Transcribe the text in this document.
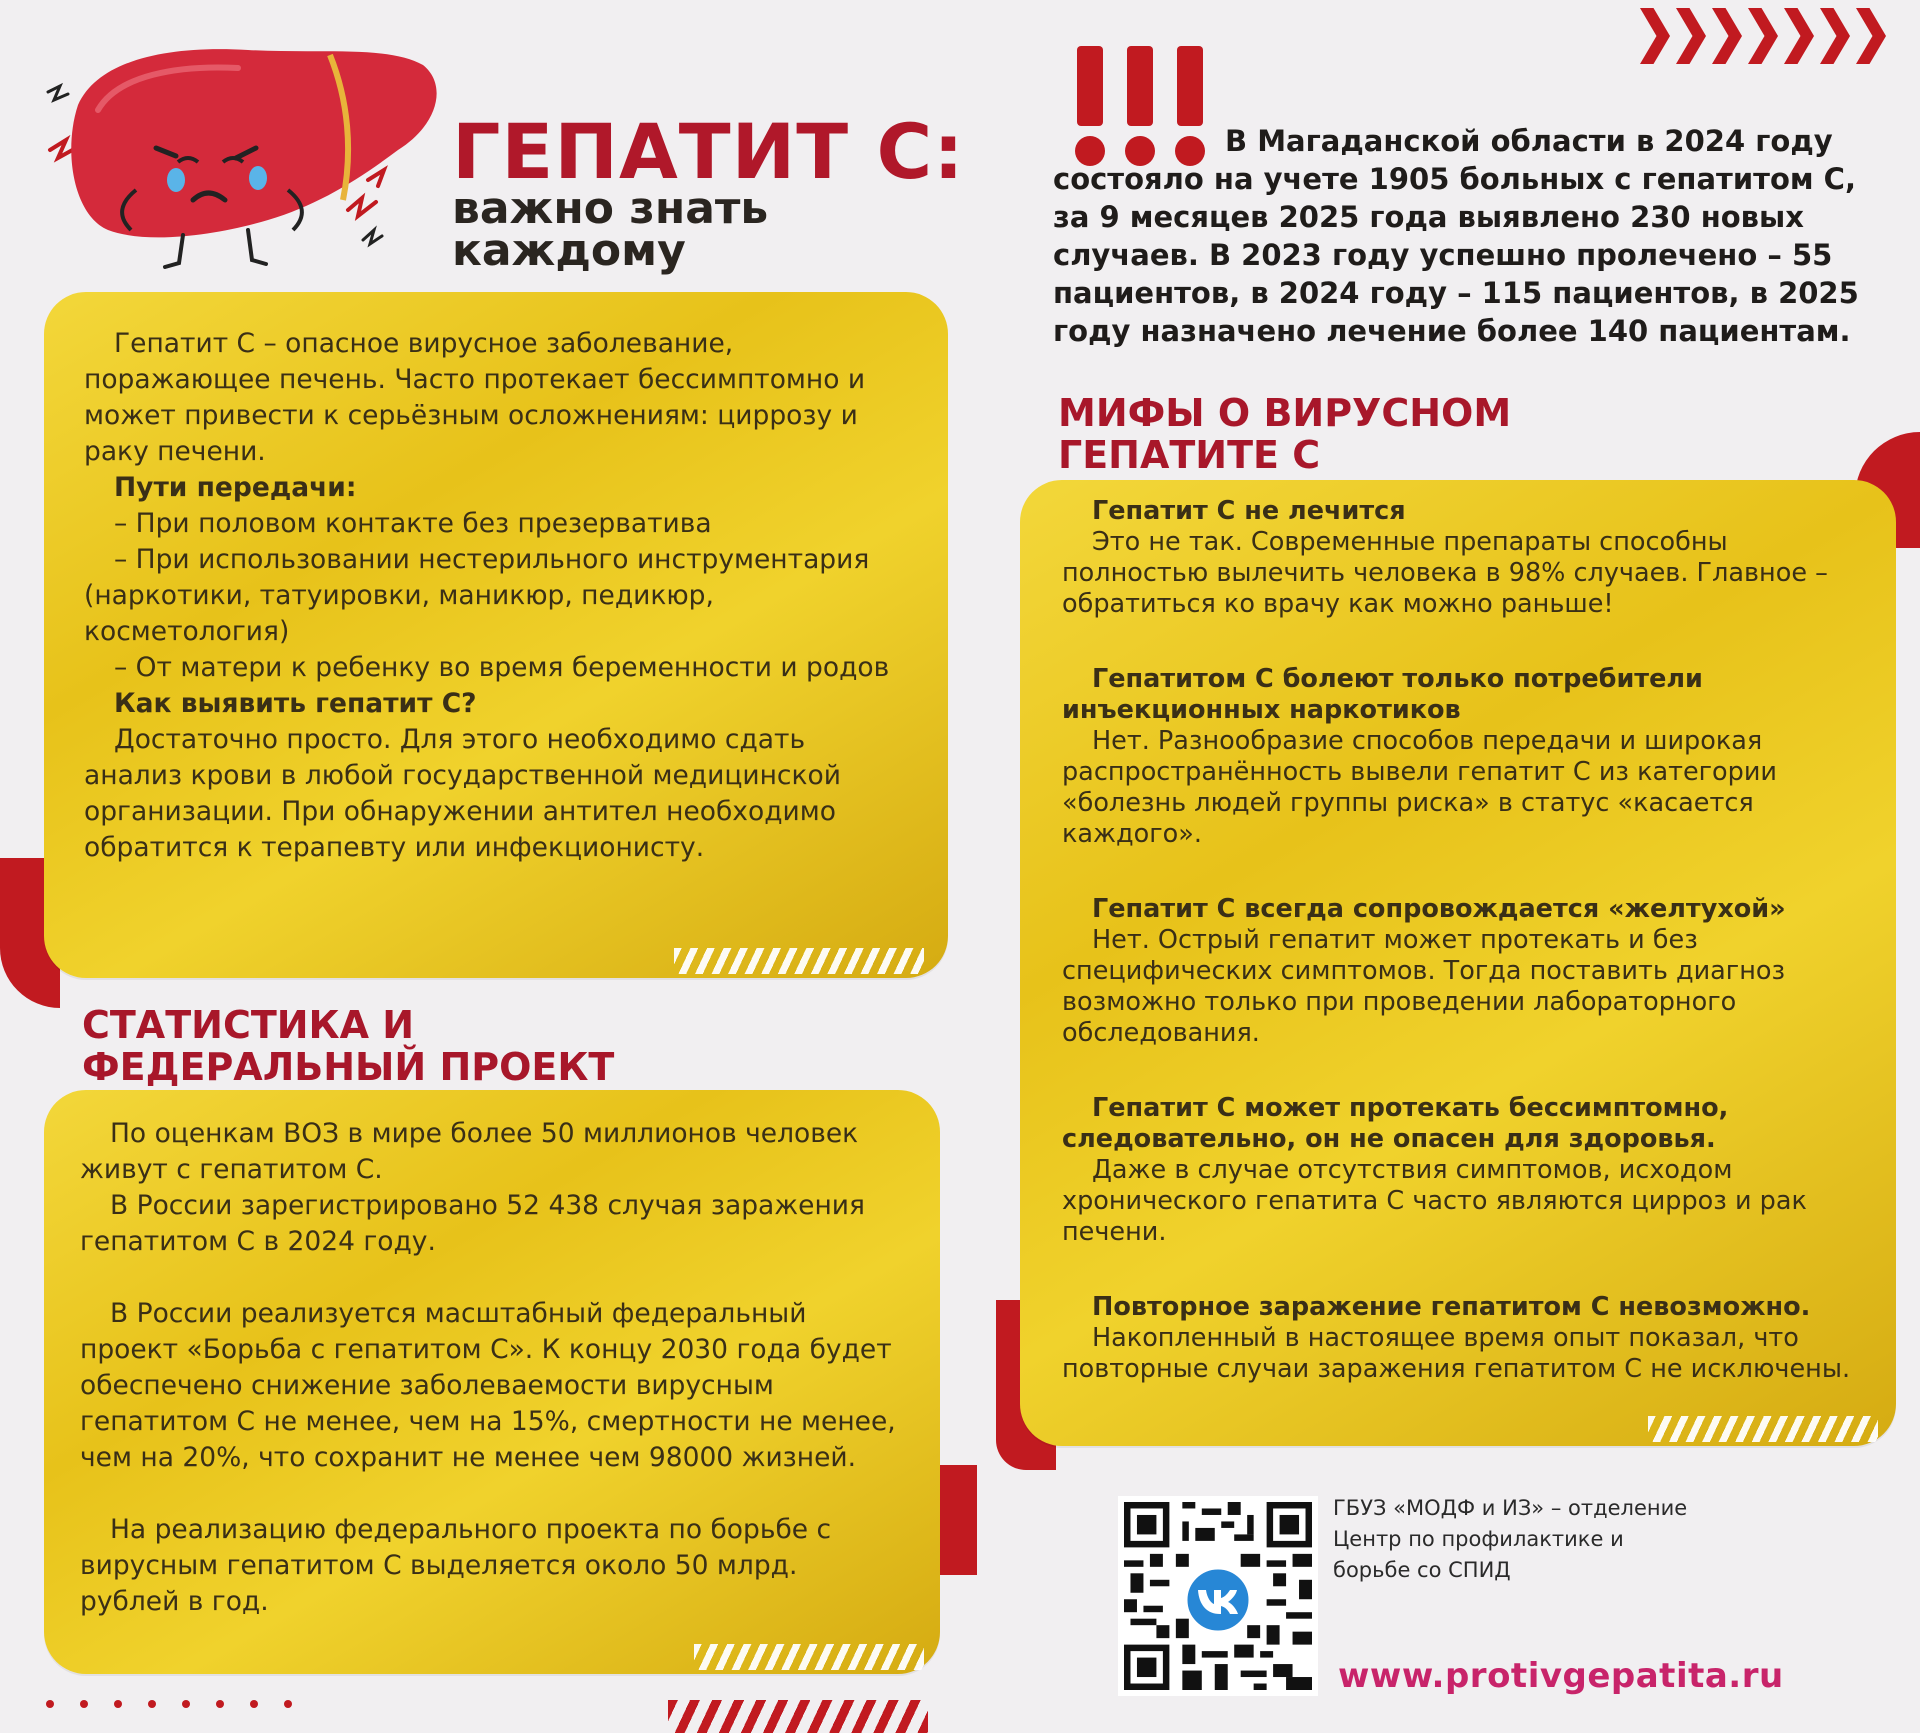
ГЕПАТИТ С:
важно знать
каждому

Гепатит С – опасное вирусное заболевание, поражающее печень. Часто протекает бессимптомно и может привести к серьёзным осложнениям: циррозу и раку печени.

Пути передачи:

– При половом контакте без презерватива

– При использовании нестерильного инструментария (наркотики, татуировки, маникюр, педикюр, косметология)

– От матери к ребенку во время беременности и родов

Как выявить гепатит С?

Достаточно просто. Для этого необходимо сдать анализ крови в любой государственной медицинской организации. При обнаружении антител необходимо обратится к терапевту или инфекционисту.

СТАТИСТИКА И
ФЕДЕРАЛЬНЫЙ ПРОЕКТ

По оценкам ВОЗ в мире более 50 миллионов человек живут с гепатитом С.

В России зарегистрировано 52 438 случая заражения гепатитом С в 2024 году.

В России реализуется масштабный федеральный проект «Борьба с гепатитом С». К концу 2030 года будет обеспечено снижение заболеваемости вирусным гепатитом С не менее, чем на 15%, смертности не менее, чем на 20%, что сохранит не менее чем 98000 жизней.

На реализацию федерального проекта по борьбе с вирусным гепатитом С выделяется около 50 млрд. рублей в год.

В Магаданской области в 2024 году состояло на учете 1905 больных с гепатитом С, за 9 месяцев 2025 года выявлено 230 новых случаев. В 2023 году успешно пролечено – 55 пациентов, в 2024 году – 115 пациентов, в 2025 году назначено лечение более 140 пациентам.
МИФЫ О ВИРУСНОМ
ГЕПАТИТЕ С

Гепатит С не лечится

Это не так. Современные препараты способны полностью вылечить человека в 98% случаев. Главное – обратиться ко врачу как можно раньше!

Гепатитом С болеют только потребители инъекционных наркотиков

Нет. Разнообразие способов передачи и широкая распространённость вывели гепатит С из категории «болезнь людей группы риска» в статус «касается каждого».

Гепатит С всегда сопровождается «желтухой»

Нет. Острый гепатит может протекать и без специфических симптомов. Тогда поставить диагноз возможно только при проведении лабораторного обследования.

Гепатит С может протекать бессимптомно, следовательно, он не опасен для здоровья.

Даже в случае отсутствия симптомов, исходом хронического гепатита С часто являются цирроз и рак печени.

Повторное заражение гепатитом С невозможно.

Накопленный в настоящее время опыт показал, что повторные случаи заражения гепатитом С не исключены.

ГБУЗ «МОДФ и ИЗ» – отделение
Центр по профилактике и
борьбе со СПИД
www.protivgepatita.ru
